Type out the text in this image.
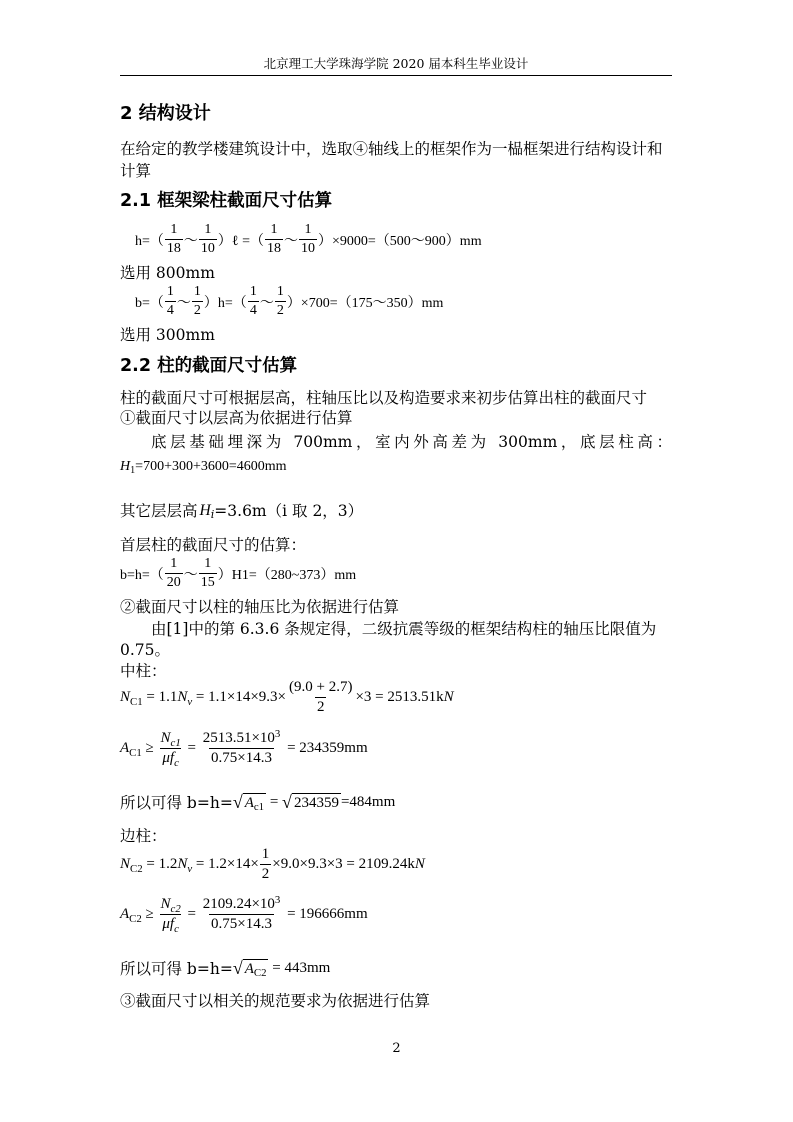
北京理工大学珠海学院 2020 届本科生毕业设计
2 结构设计
在给定的教学楼建筑设计中，选取④轴线上的框架作为一榀框架进行结构设计和
计算
2.1 框架梁柱截面尺寸估算
$h=( \frac{1}{18}$ ～ $\frac{1}{10}$ ）ℓ =（ $\frac{1}{18}$ ～ $\frac{1}{10}$ ）×9000=（500～900）mm
选用 800mm
$b=( \frac{1}{4}$ ～ $\frac{1}{2} )h=( \frac{1}{4}$ ～ $\frac{1}{2}$ ）×700=（175～350）mm
选用 300mm
2.2 柱的截面尺寸估算
柱的截面尺寸可根据层高，柱轴压比以及构造要求来初步估算出柱的截面尺寸
①截面尺寸以层高为依据进行估算
底层基础埋深为 700mm，室内外高差为 300mm，底层柱高：
H 1 =700+300+3600=4600mm
其它层层高 H i =3.6m（i 取 2，3）
首层柱的截面尺寸的估算：
$b=h=( \frac{1}{20}$ ～ $\frac{1}{15}$ ）H1=（280~373）mm
②截面尺寸以柱的轴压比为依据进行估算
由[1]中的第 6.3.6 条规定得，二级抗震等级的框架结构柱的轴压比限值为
0.75。
中柱：
N C1 = 1.1 N $v = 1.1\times 14\times 9.3\times \frac{(9.0 + 2.7)}{2} \times 3 = 2513.51k$ N
A $C1 \ge \frac{N_{c1}}{\mu f_c} = \frac{2513.51\times 10^3}{0.75\times 14.3} = 234359mm$
所以可得 b=h= √ $A_{c1}$ = √ 234359 =484mm
边柱：
N C2 = 1.2 N $v = 1.2\times 14\times \frac{1}{2} \times 9.0\times 9.3\times 3 = 2109.24k$ N
A $C2 \ge \frac{N_{c2}}{\mu f_c} = \frac{2109.24\times 10^3}{0.75\times 14.3} = 196666mm$
所以可得 b=h= √ $A_{C2} = 443mm$
③截面尺寸以相关的规范要求为依据进行估算
2
